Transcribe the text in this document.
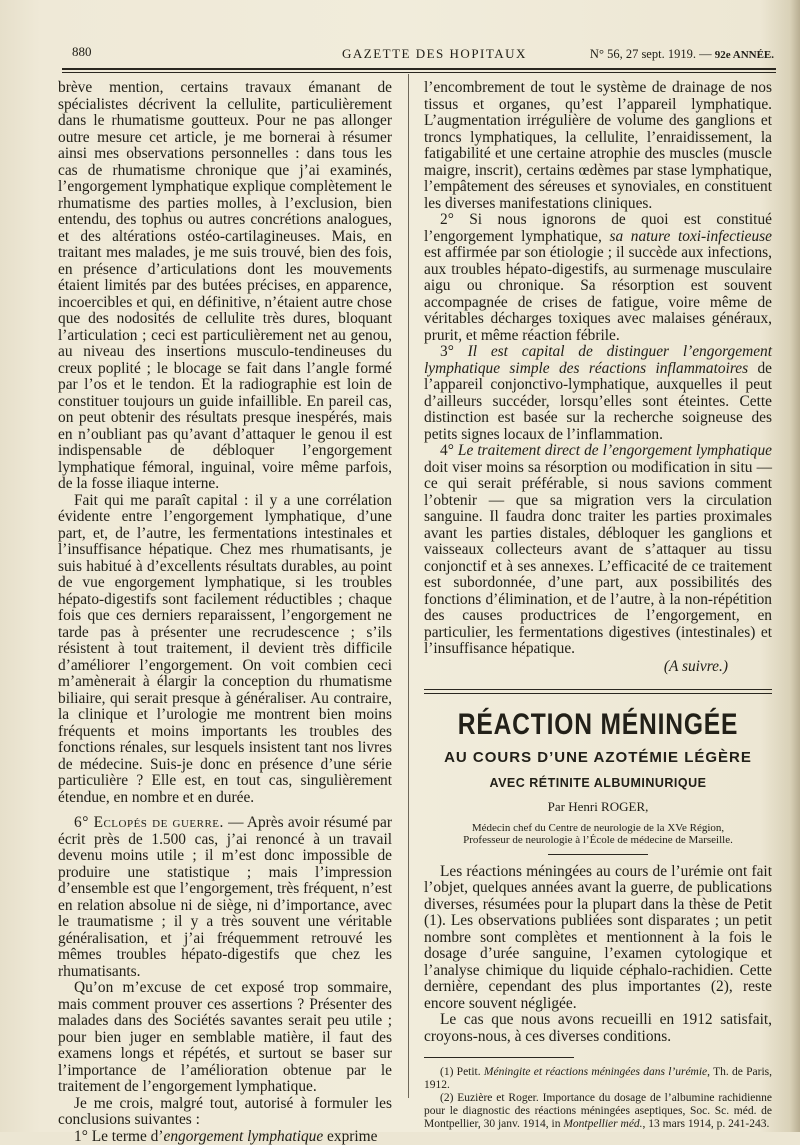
880	GAZETTE DES HOPITAUX	N° 56, 27 sept. 1919. — 92e ANNÉE.

brève mention, certains travaux émanant de spécialistes décrivent la cellulite, particulièrement dans le rhumatisme goutteux. Pour ne pas allonger outre mesure cet article, je me bornerai à résumer ainsi mes observations personnelles : dans tous les cas de rhumatisme chronique que j’ai examinés, l’engorgement lymphatique explique complètement le rhumatisme des parties molles, à l’exclusion, bien entendu, des tophus ou autres concrétions analogues, et des altérations ostéo-cartilagineuses. Mais, en traitant mes malades, je me suis trouvé, bien des fois, en présence d’articulations dont les mouvements étaient limités par des butées précises, en apparence, incoercibles et qui, en définitive, n’étaient autre chose que des nodosités de cellulite très dures, bloquant l’articulation ; ceci est particulièrement net au genou, au niveau des insertions musculo-tendineuses du creux poplité ; le blocage se fait dans l’angle formé par l’os et le tendon. Et la radiographie est loin de constituer toujours un guide infaillible. En pareil cas, on peut obtenir des résultats presque inespérés, mais en n’oubliant pas qu’avant d’attaquer le genou il est indispensable de débloquer l’engorgement lymphatique fémoral, inguinal, voire même parfois, de la fosse iliaque interne.

Fait qui me paraît capital : il y a une corrélation évidente entre l’engorgement lymphatique, d’une part, et, de l’autre, les fermentations intestinales et l’insuffisance hépatique. Chez mes rhumatisants, je suis habitué à d’excellents résultats durables, au point de vue engorgement lymphatique, si les troubles hépato-digestifs sont facilement réductibles ; chaque fois que ces derniers reparaissent, l’engorgement ne tarde pas à présenter une recrudescence ; s’ils résistent à tout traitement, il devient très difficile d’améliorer l’engorgement. On voit combien ceci m’amènerait à élargir la conception du rhumatisme biliaire, qui serait presque à généraliser. Au contraire, la clinique et l’urologie me montrent bien moins fréquents et moins importants les troubles des fonctions rénales, sur lesquels insistent tant nos livres de médecine. Suis-je donc en présence d’une série particulière ? Elle est, en tout cas, singulièrement étendue, en nombre et en durée.

6° Eclopés de guerre. — Après avoir résumé par écrit près de 1.500 cas, j’ai renoncé à un travail devenu moins utile ; il m’est donc impossible de produire une statistique ; mais l’impression d’ensemble est que l’engorgement, très fréquent, n’est en relation absolue ni de siège, ni d’importance, avec le traumatisme ; il y a très souvent une véritable généralisation, et j’ai fréquemment retrouvé les mêmes troubles hépato-digestifs que chez les rhumatisants.

Qu’on m’excuse de cet exposé trop sommaire, mais comment prouver ces assertions ? Présenter des malades dans des Sociétés savantes serait peu utile ; pour bien juger en semblable matière, il faut des examens longs et répétés, et surtout se baser sur l’importance de l’amélioration obtenue par le traitement de l’engorgement lymphatique.

Je me crois, malgré tout, autorisé à formuler les conclusions suivantes :

1° Le terme d’engorgement lymphatique exprime

l’encombrement de tout le système de drainage de nos tissus et organes, qu’est l’appareil lymphatique. L’augmentation irrégulière de volume des ganglions et troncs lymphatiques, la cellulite, l’enraidissement, la fatigabilité et une certaine atrophie des muscles (muscle maigre, inscrit), certains œdèmes par stase lymphatique, l’empâtement des séreuses et synoviales, en constituent les diverses manifestations cliniques.

2° Si nous ignorons de quoi est constitué l’engorgement lymphatique, sa nature toxi-infectieuse est affirmée par son étiologie ; il succède aux infections, aux troubles hépato-digestifs, au surmenage musculaire aigu ou chronique. Sa résorption est souvent accompagnée de crises de fatigue, voire même de véritables décharges toxiques avec malaises généraux, prurit, et même réaction fébrile.

3° Il est capital de distinguer l’engorgement lymphatique simple des réactions inflammatoires de l’appareil conjonctivo-lymphatique, auxquelles il peut d’ailleurs succéder, lorsqu’elles sont éteintes. Cette distinction est basée sur la recherche soigneuse des petits signes locaux de l’inflammation.

4° Le traitement direct de l’engorgement lymphatique doit viser moins sa résorption ou modification in situ — ce qui serait préférable, si nous savions comment l’obtenir — que sa migration vers la circulation sanguine. Il faudra donc traiter les parties proximales avant les parties distales, débloquer les ganglions et vaisseaux collecteurs avant de s’attaquer au tissu conjonctif et à ses annexes. L’efficacité de ce traitement est subordonnée, d’une part, aux possibilités des fonctions d’élimination, et de l’autre, à la non-répétition des causes productrices de l’engorgement, en particulier, les fermentations digestives (intestinales) et l’insuffisance hépatique.

(A suivre.)

RÉACTION MÉNINGÉE

AU COURS D’UNE AZOTÉMIE LÉGÈRE

AVEC RÉTINITE ALBUMINURIQUE

Par Henri ROGER,

Médecin chef du Centre de neurologie de la XVe Région,
Professeur de neurologie à l’École de médecine de Marseille.

Les réactions méningées au cours de l’urémie ont fait l’objet, quelques années avant la guerre, de publications diverses, résumées pour la plupart dans la thèse de Petit (1). Les observations publiées sont disparates ; un petit nombre sont complètes et mentionnent à la fois le dosage d’urée sanguine, l’examen cytologique et l’analyse chimique du liquide céphalo-rachidien. Cette dernière, cependant des plus importantes (2), reste encore souvent négligée.

Le cas que nous avons recueilli en 1912 satisfait, croyons-nous, à ces diverses conditions.

(1) Petit. Méningite et réactions méningées dans l’urémie, Th. de Paris, 1912.

(2) Euzière et Roger. Importance du dosage de l’albumine rachidienne pour le diagnostic des réactions méningées aseptiques, Soc. Sc. méd. de Montpellier, 30 janv. 1914, in Montpellier méd., 13 mars 1914, p. 241-243.
